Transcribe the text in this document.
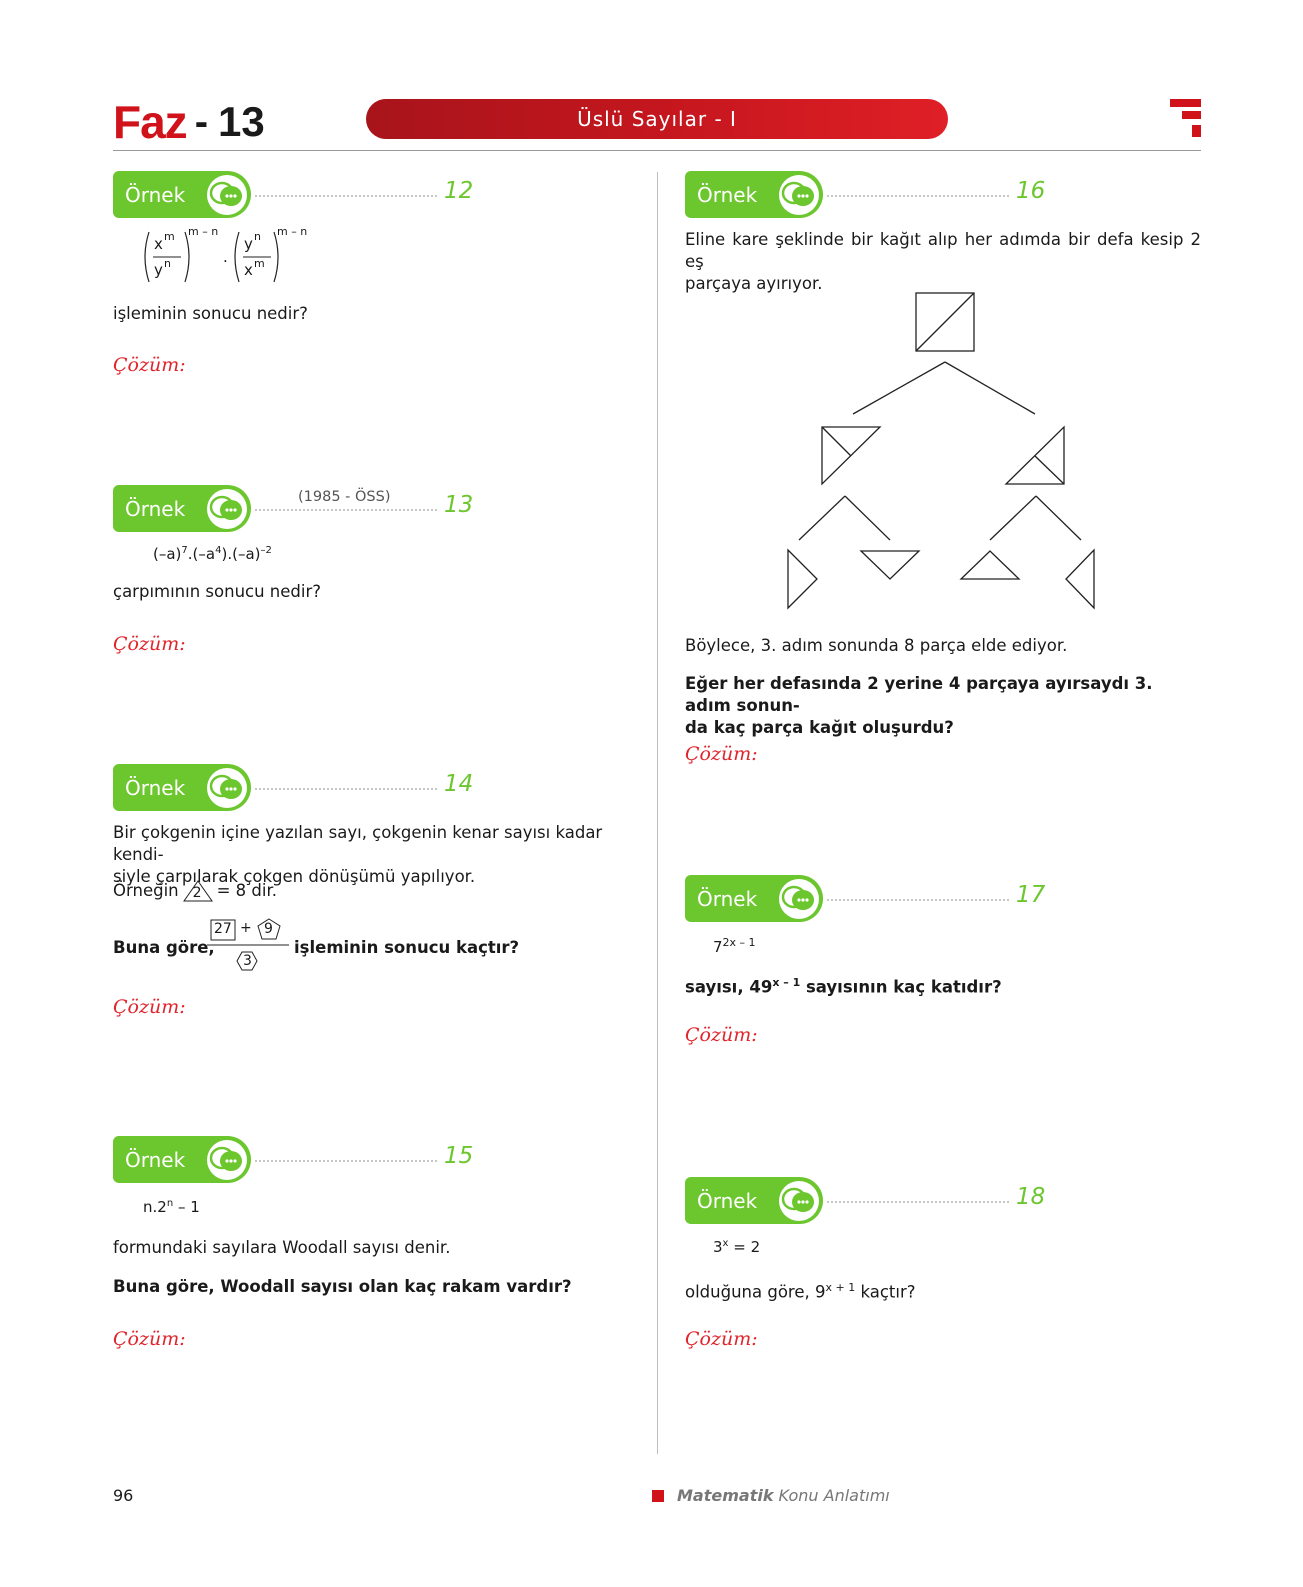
Faz - 13	Üslü Sayılar - I
Örnek	12
x m
y n
m – n
.
y n
x m
m – n
işleminin sonucu nedir?
Çözüm:
Örnek	(1985 - ÖSS) 13
$(-a)^7.(-a^4).(-a)^{-2}$
çarpımının sonucu nedir?
Çözüm:
Örnek	14
Bir çokgenin içine yazılan sayı, çokgenin kenar sayısı kadar kendi-
siyle çarpılarak çokgen dönüşümü yapılıyor.
Örneğin 2 = 8 dir.
Buna göre,
27 + 9
3
işleminin sonucu kaçtır?
Çözüm:
Örnek	15
n.2$^n$ – 1
formundaki sayılara Woodall sayısı denir.
Buna göre, Woodall sayısı olan kaç rakam vardır?
Çözüm:
Örnek	16
Eline kare şeklinde bir kağıt alıp her adımda bir defa kesip 2 eş
parçaya ayırıyor.
Böylece, 3. adım sonunda 8 parça elde ediyor.
Eğer her defasında 2 yerine 4 parçaya ayırsaydı 3. adım sonun-
da kaç parça kağıt oluşurdu?
Çözüm:
Örnek	17
$7^{2x - 1}$
sayısı, 49$^{x - 1}$ sayısının kaç katıdır?
Çözüm:
Örnek	18
$3^x = 2$
olduğuna göre, $9^{x + 1}$ kaçtır?
Çözüm:
96	Matematik Konu Anlatımı
